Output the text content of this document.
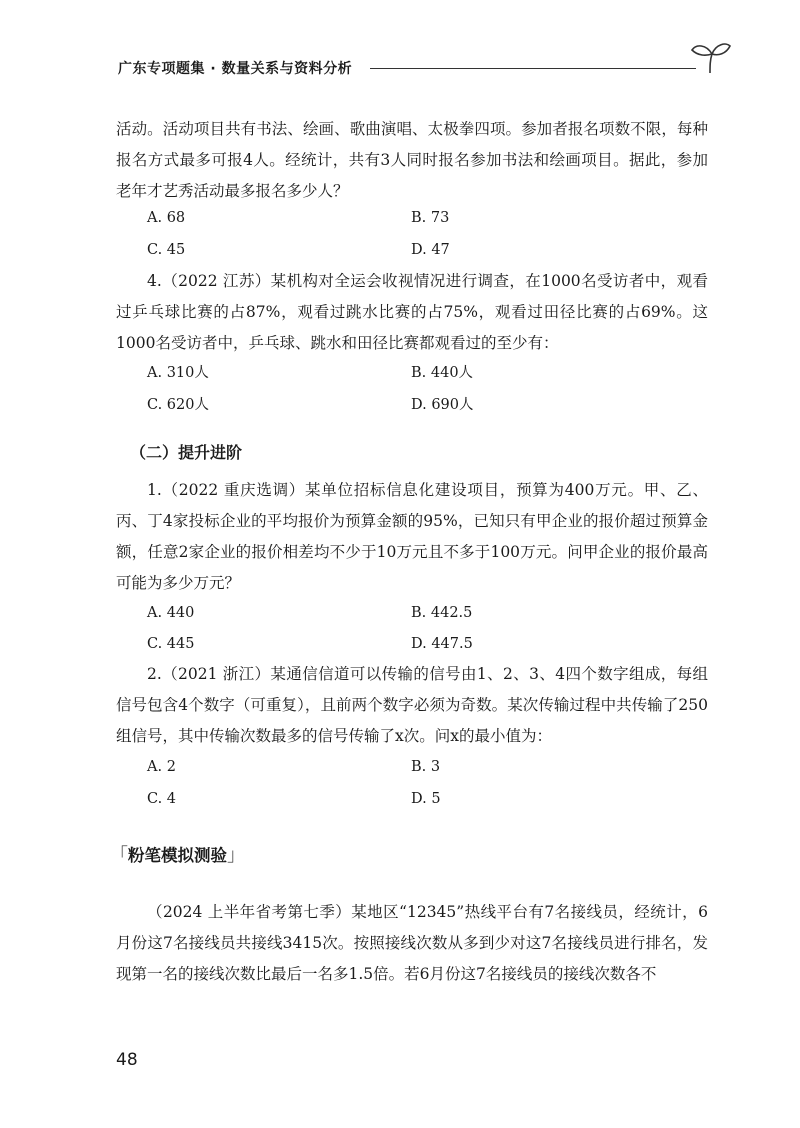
广东专项题集 · 数量关系与资料分析
活动。活动项目共有书法、绘画、歌曲演唱、太极拳四项。参加者报名项数不限，每种报名方式最多可报4人。经统计，共有3人同时报名参加书法和绘画项目。据此，参加老年才艺秀活动最多报名多少人？
A. 68	B. 73
C. 45	D. 47
4.（2022 江苏）某机构对全运会收视情况进行调查，在1000名受访者中，观看过乒乓球比赛的占87%，观看过跳水比赛的占75%，观看过田径比赛的占69%。这1000名受访者中，乒乓球、跳水和田径比赛都观看过的至少有：
A. 310人	B. 440人
C. 620人	D. 690人
（二）提升进阶
1.（2022 重庆选调）某单位招标信息化建设项目，预算为400万元。甲、乙、丙、丁4家投标企业的平均报价为预算金额的95%，已知只有甲企业的报价超过预算金额，任意2家企业的报价相差均不少于10万元且不多于100万元。问甲企业的报价最高可能为多少万元？
A. 440	B. 442.5
C. 445	D. 447.5
2.（2021 浙江）某通信信道可以传输的信号由1、2、3、4四个数字组成，每组信号包含4个数字（可重复），且前两个数字必须为奇数。某次传输过程中共传输了250组信号，其中传输次数最多的信号传输了x次。问x的最小值为：
A. 2	B. 3
C. 4	D. 5
「粉笔模拟测验」
（2024 上半年省考第七季）某地区“12345”热线平台有7名接线员，经统计，6月份这7名接线员共接线3415次。按照接线次数从多到少对这7名接线员进行排名，发现第一名的接线次数比最后一名多1.5倍。若6月份这7名接线员的接线次数各不
48
